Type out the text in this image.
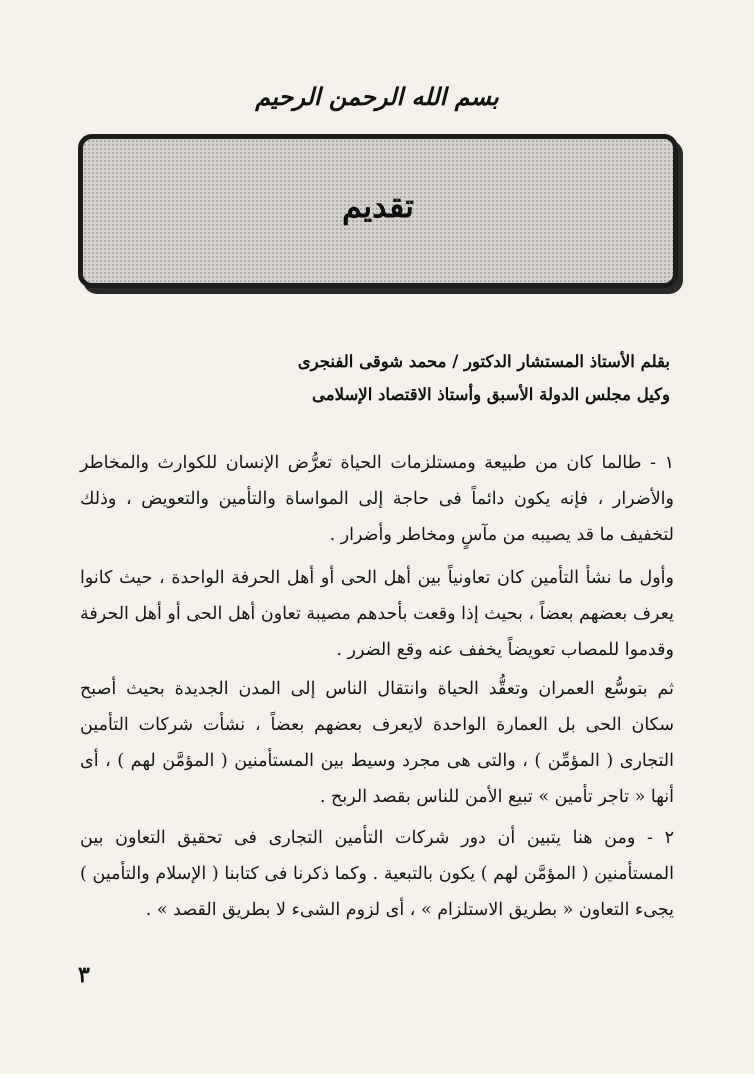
بسم الله الرحمن الرحيم
تقديم
بقلم الأستاذ المستشار الدكتور / محمد شوقى الفنجرى
وكيل مجلس الدولة الأسبق وأستاذ الاقتصاد الإسلامى
١ - طالما كان من طبيعة ومستلزمات الحياة تعرُّض الإنسان للكوارث والمخاطر والأضرار ، فإنه يكون دائماً فى حاجة إلى المواساة والتأمين والتعويض ، وذلك لتخفيف ما قد يصيبه من مآسٍ ومخاطر وأضرار .
وأول ما نشأ التأمين كان تعاونياً بين أهل الحى أو أهل الحرفة الواحدة ، حيث كانوا يعرف بعضهم بعضاً ، بحيث إذا وقعت بأحدهم مصيبة تعاون أهل الحى أو أهل الحرفة وقدموا للمصاب تعويضاً يخفف عنه وقع الضرر .
ثم بتوسُّع العمران وتعقُّد الحياة وانتقال الناس إلى المدن الجديدة بحيث أصبح سكان الحى بل العمارة الواحدة لايعرف بعضهم بعضاً ، نشأت شركات التأمين التجارى ( المؤمِّن ) ، والتى هى مجرد وسيط بين المستأمنين ( المؤمَّن لهم ) ، أى أنها « تاجر تأمين » تبيع الأمن للناس بقصد الربح .
٢ - ومن هنا يتبين أن دور شركات التأمين التجارى فى تحقيق التعاون بين المستأمنين ( المؤمَّن لهم ) يكون بالتبعية . وكما ذكرنا فى كتابنا ( الإسلام والتأمين ) يجىء التعاون « بطريق الاستلزام » ، أى لزوم الشىء لا بطريق القصد » .
٣
